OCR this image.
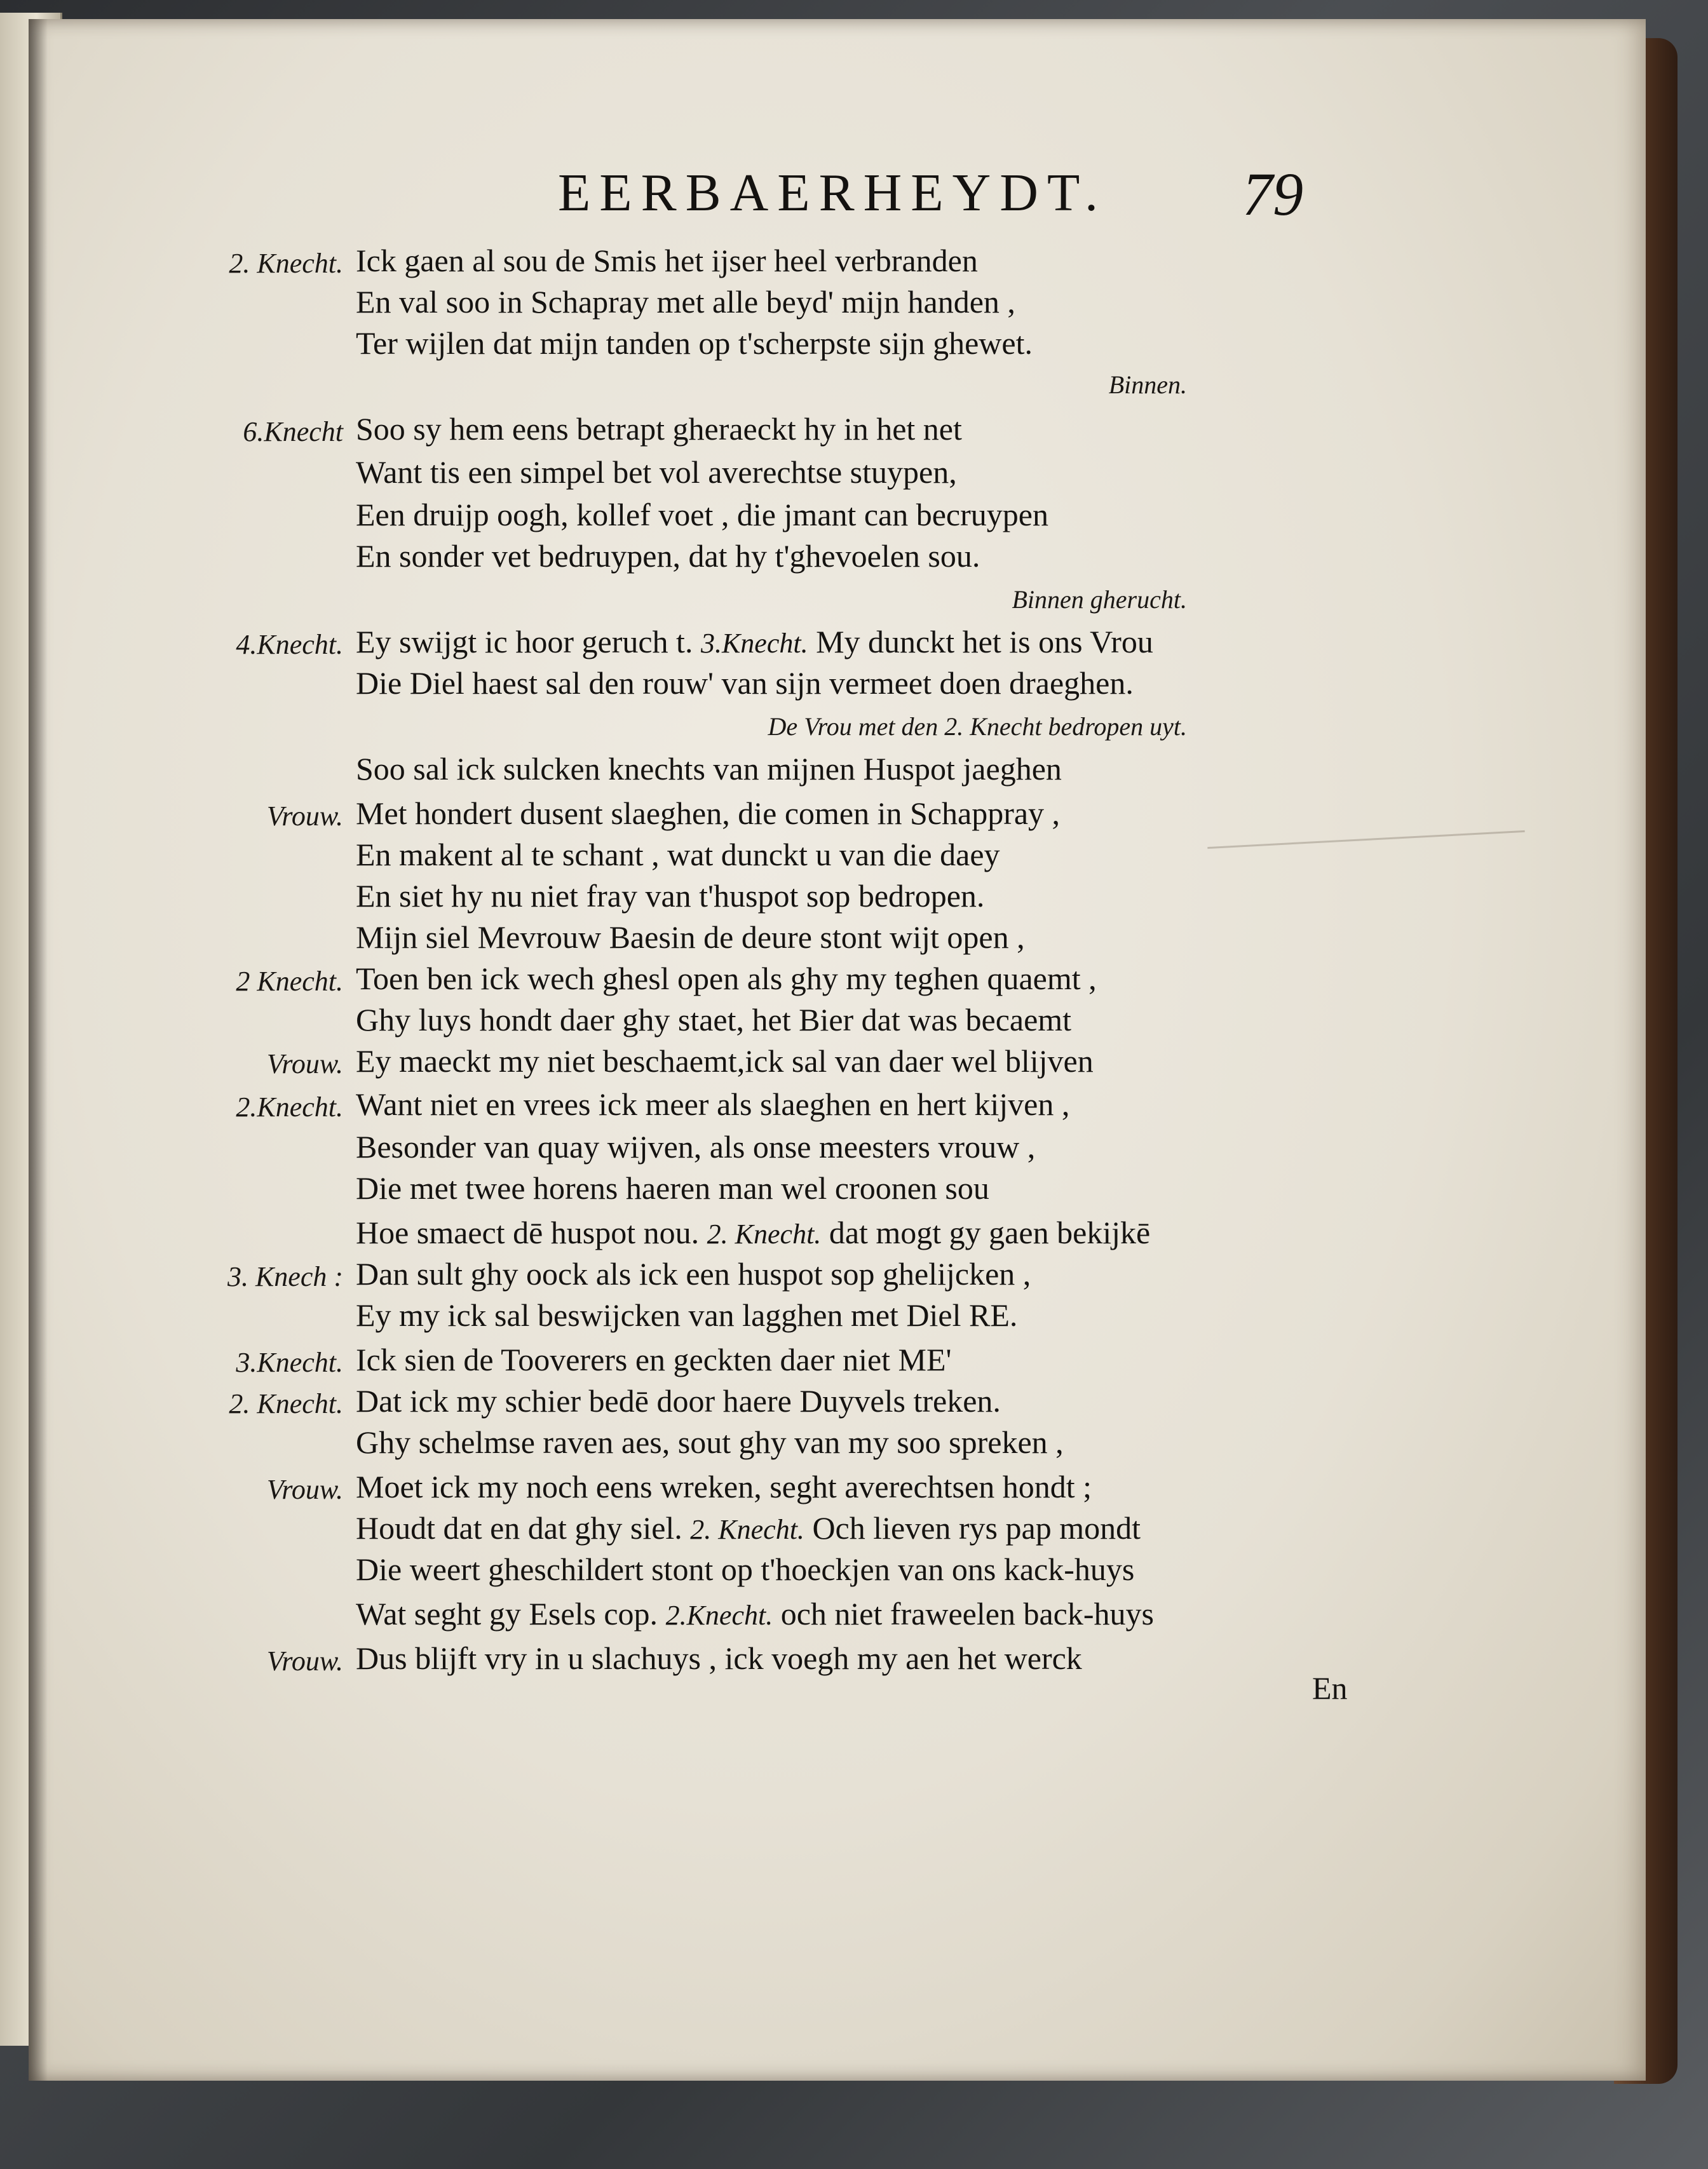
EERBAERHEYDT.	79
2. Knecht. Ick gaen al sou de Smis het ijser heel verbranden
En val soo in Schapray met alle beyd' mijn handen ,
Ter wijlen dat mijn tanden op t'scherpste sijn ghewet.
Binnen.
6.Knecht Soo sy hem eens betrapt gheraeckt hy in het net
Want tis een simpel bet vol averechtse stuypen,
Een druijp oogh, kollef voet , die jmant can becruypen
En sonder vet bedruypen, dat hy t'ghevoelen sou.
Binnen gherucht.
4.Knecht. Ey swijgt ic hoor geruch t. 3.Knecht. My dunckt het is ons Vrou
Die Diel haest sal den rouw' van sijn vermeet doen draeghen.
De Vrou met den 2. Knecht bedropen uyt.
Soo sal ick sulcken knechts van mijnen Huspot jaeghen
Vrouw. Met hondert dusent slaeghen, die comen in Schappray ,
En makent al te schant , wat dunckt u van die daey
En siet hy nu niet fray van t'huspot sop bedropen.
Mijn siel Mevrouw Baesin de deure stont wijt open ,
2 Knecht. Toen ben ick wech ghesl open als ghy my teghen quaemt ,
Ghy luys hondt daer ghy staet, het Bier dat was becaemt
Vrouw. Ey maeckt my niet beschaemt,ick sal van daer wel blijven
2.Knecht. Want niet en vrees ick meer als slaeghen en hert kijven ,
Besonder van quay wijven, als onse meesters vrouw ,
Die met twee horens haeren man wel croonen sou
Hoe smaect dē huspot nou. 2. Knecht. dat mogt gy gaen bekijkē
3. Knech : Dan sult ghy oock als ick een huspot sop ghelijcken ,
Ey my ick sal beswijcken van lagghen met Diel RE.
3.Knecht. Ick sien de Tooverers en geckten daer niet ME'
2. Knecht. Dat ick my schier bedē door haere Duyvels treken.
Ghy schelmse raven aes, sout ghy van my soo spreken ,
Vrouw. Moet ick my noch eens wreken, seght averechtsen hondt ;
Houdt dat en dat ghy siel. 2. Knecht. Och lieven rys pap mondt
Die weert gheschildert stont op t'hoeckjen van ons kack-huys
Wat seght gy Esels cop. 2.Knecht. och niet fraweelen back-huys
Vrouw. Dus blijft vry in u slachuys , ick voegh my aen het werck
En
